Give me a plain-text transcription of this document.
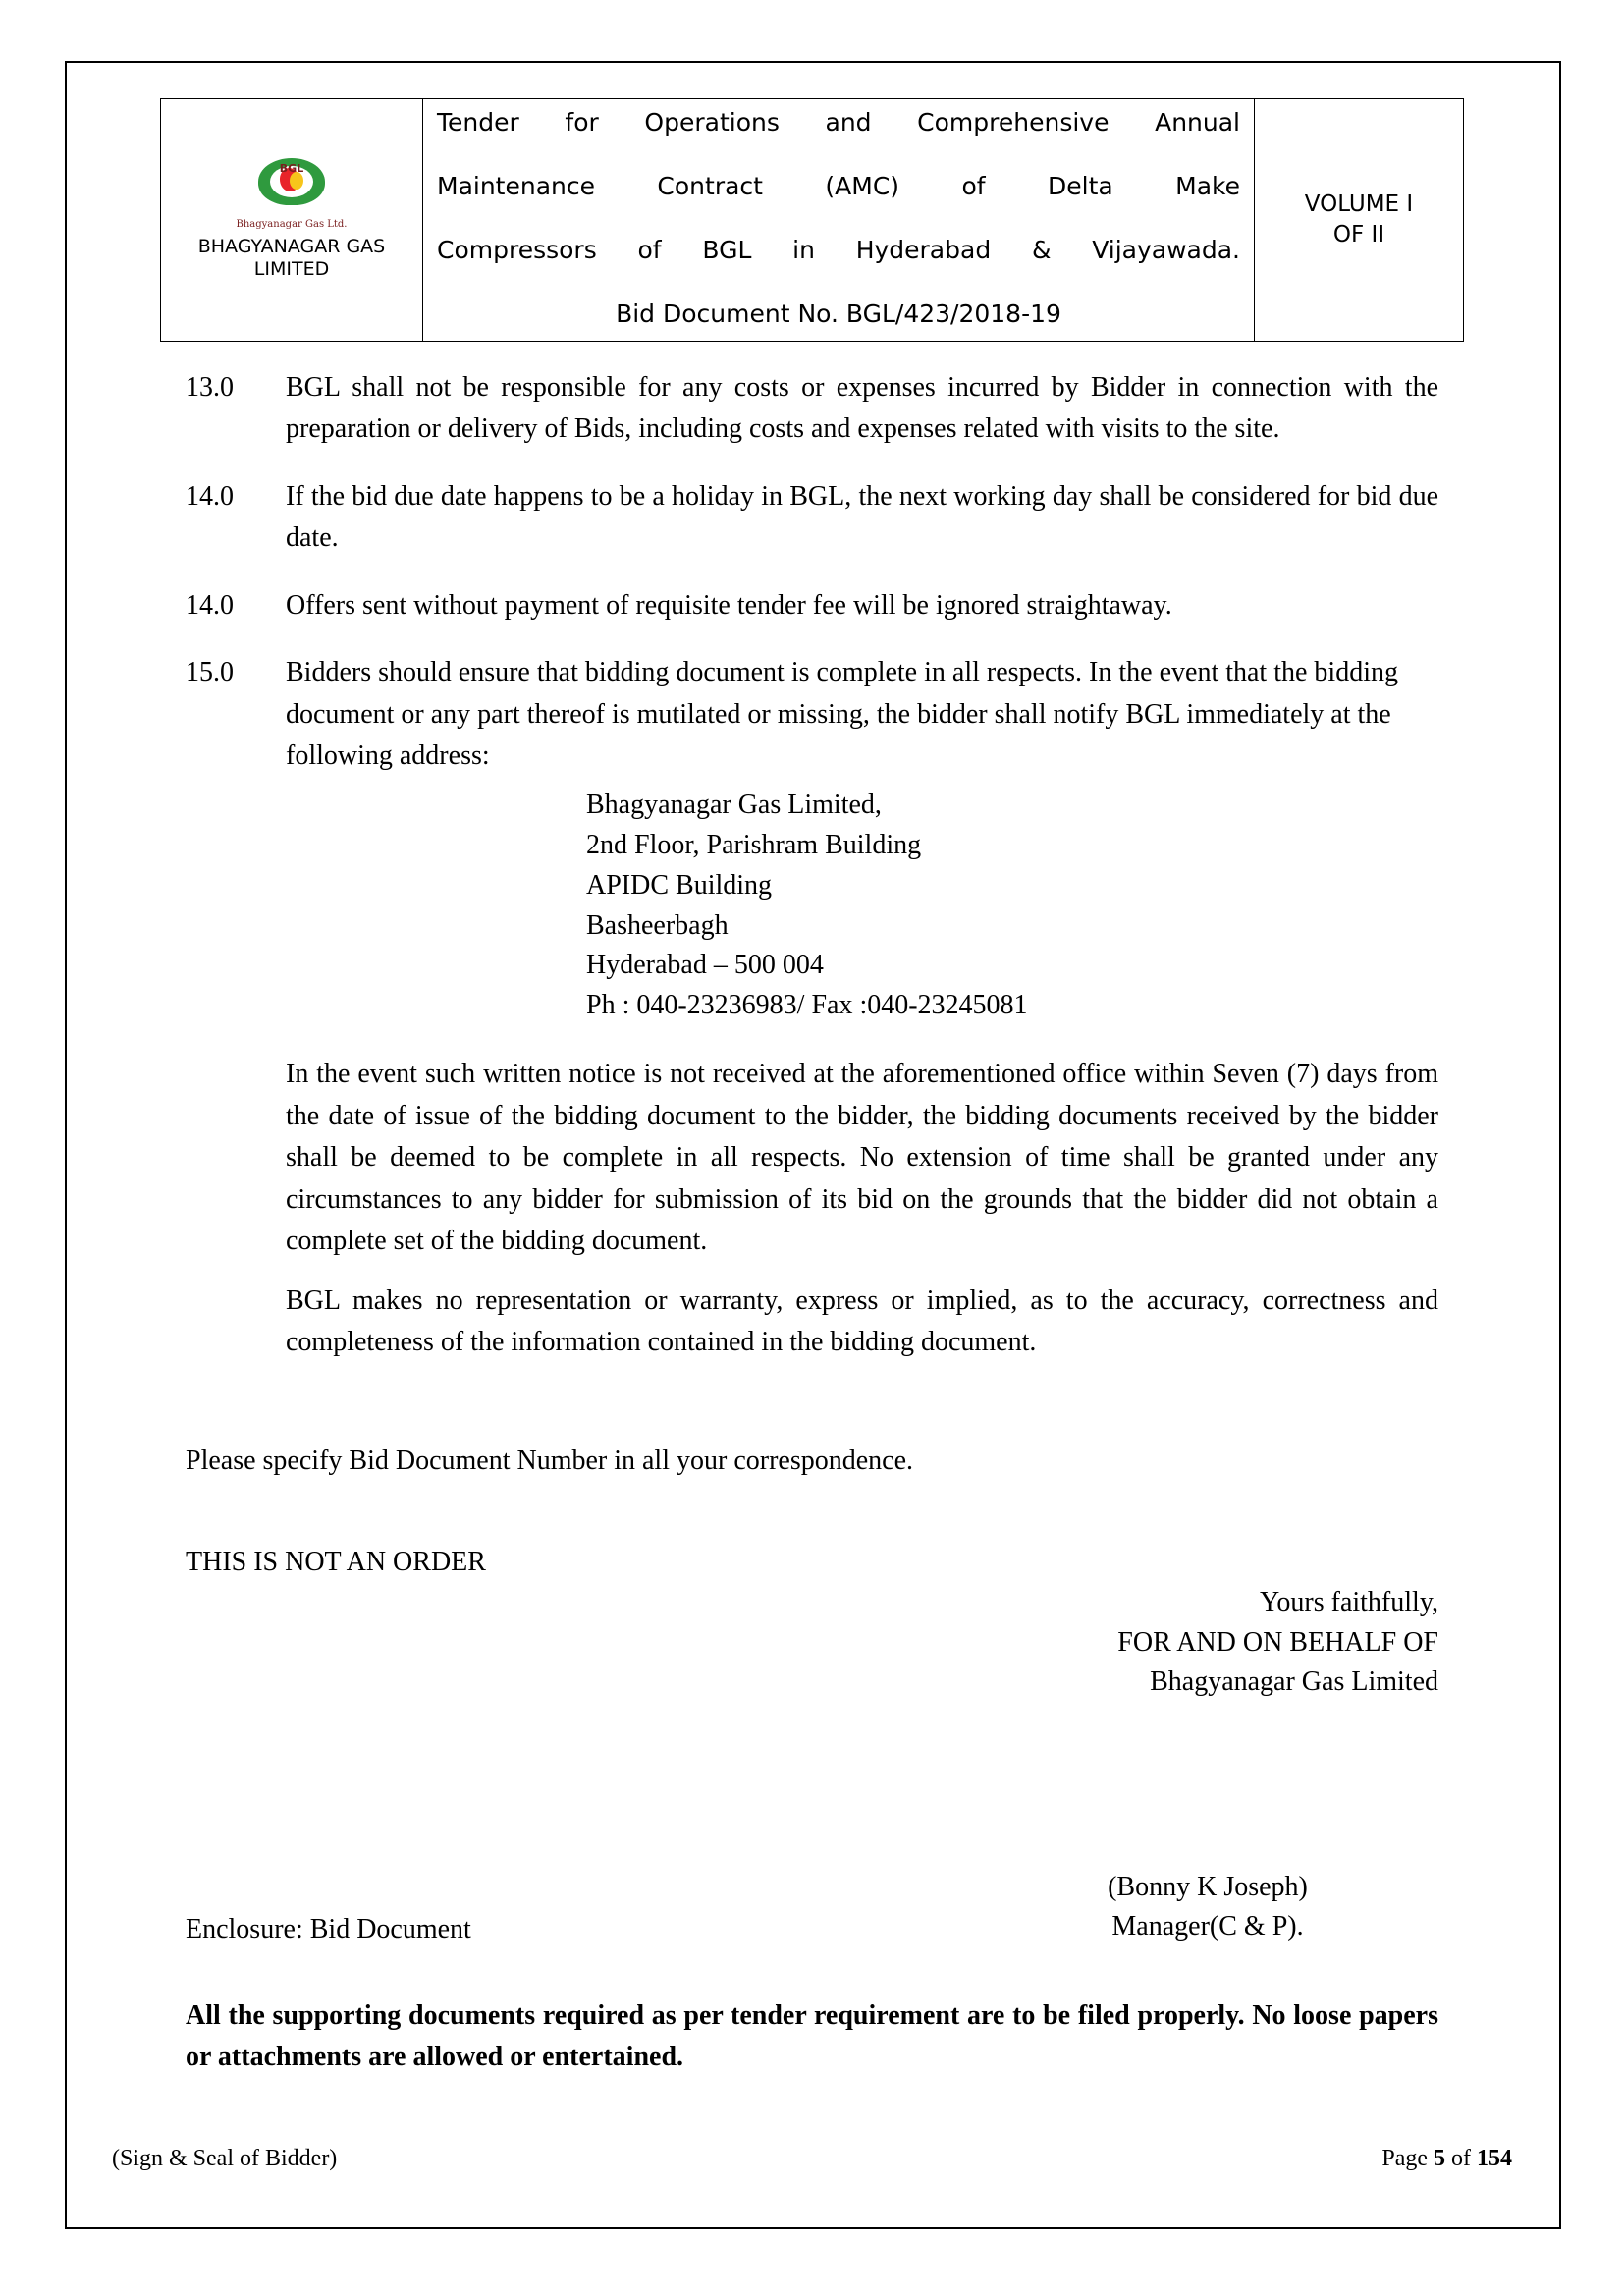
BGL
Bhagyanagar Gas Ltd.
BHAGYANAGAR GAS
LIMITED

Tender for Operations and Comprehensive Annual
Maintenance Contract (AMC) of Delta Make
Compressors of BGL in Hyderabad & Vijayawada.
Bid Document No. BGL/423/2018-19
	VOLUME I
OF II
13.0	BGL shall not be responsible for any costs or expenses incurred by Bidder in connection with the preparation or delivery of Bids, including costs and expenses related with visits to the site.
14.0	If the bid due date happens to be a holiday in BGL, the next working day shall be considered for bid due date.
14.0	Offers sent without payment of requisite tender fee will be ignored straightaway.
15.0	Bidders should ensure that bidding document is complete in all respects. In the event that the bidding document or any part thereof is mutilated or missing, the bidder shall notify BGL immediately at the following address:
Bhagyanagar Gas Limited,
2nd Floor, Parishram Building
APIDC Building
Basheerbagh
Hyderabad – 500 004
Ph : 040-23236983/ Fax :040-23245081
In the event such written notice is not received at the aforementioned office within Seven (7) days from the date of issue of the bidding document to the bidder, the bidding documents received by the bidder shall be deemed to be complete in all respects. No extension of time shall be granted under any circumstances to any bidder for submission of its bid on the grounds that the bidder did not obtain a complete set of the bidding document.
BGL makes no representation or warranty, express or implied, as to the accuracy, correctness and completeness of the information contained in the bidding document.
Please specify Bid Document Number in all your correspondence.
THIS IS NOT AN ORDER
Yours faithfully,
FOR AND ON BEHALF OF
Bhagyanagar Gas Limited
Enclosure: Bid Document
(Bonny K Joseph)
Manager(C & P).
All the supporting documents required as per tender requirement are to be filed properly. No loose papers or attachments are allowed or entertained.
(Sign & Seal of Bidder)	Page 5 of 154
